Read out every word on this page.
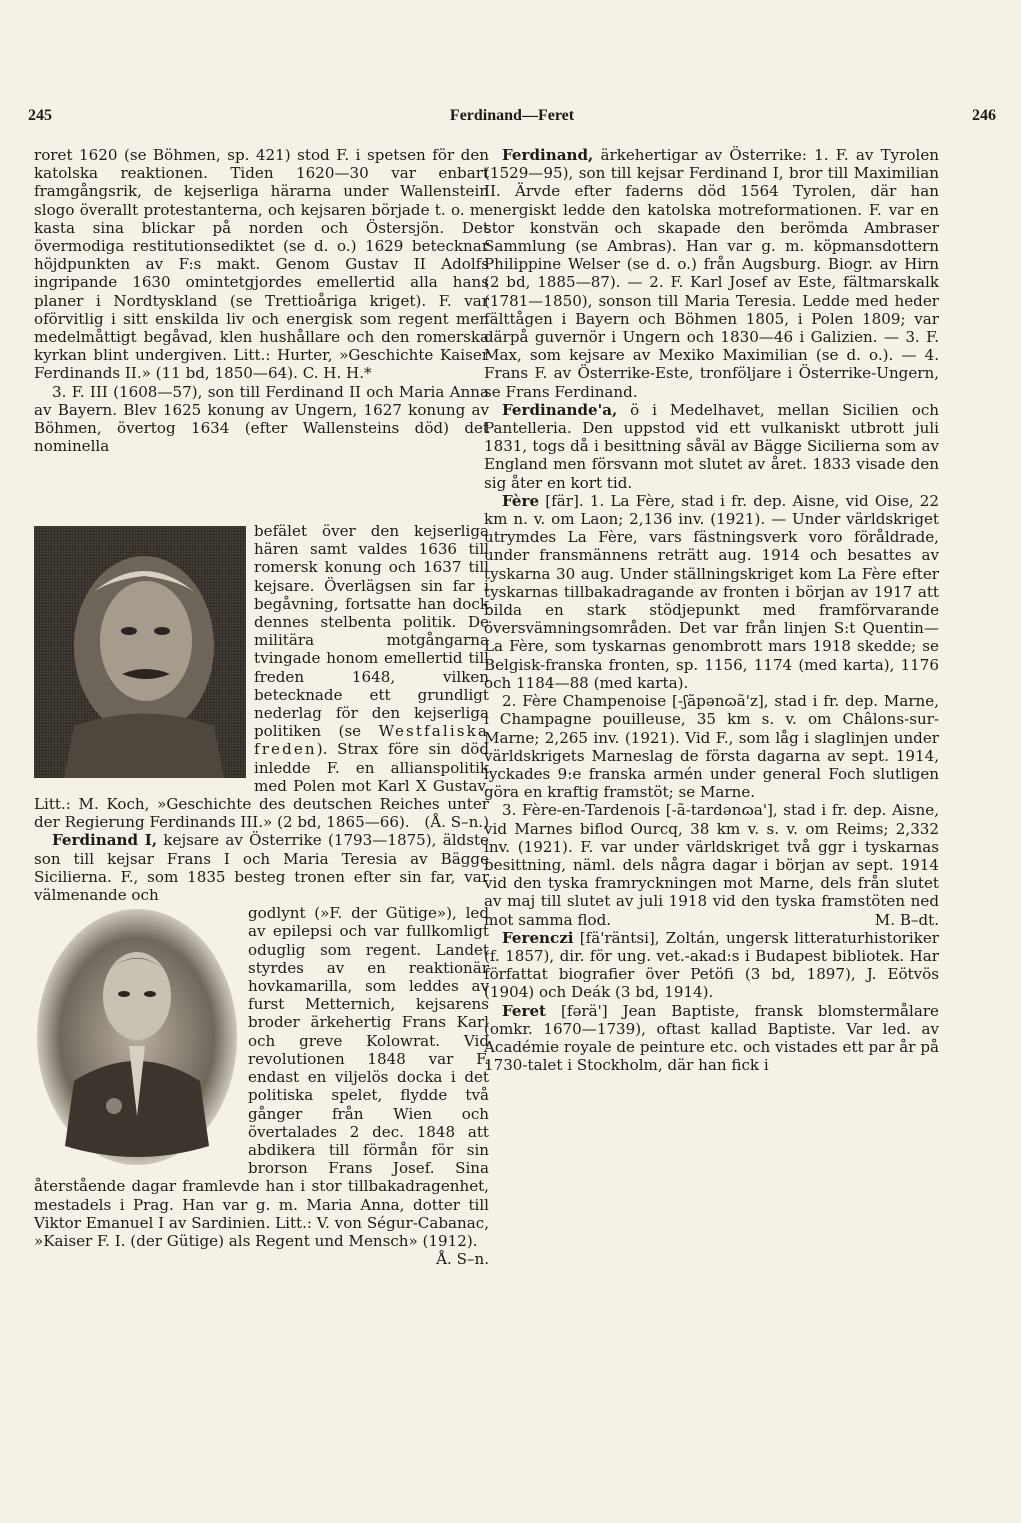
245	Ferdinand—Feret	246

roret 1620 (se Böhmen, sp. 421) stod F. i spetsen för den katolska reaktionen. Tiden 1620—30 var enbart framgångsrik, de kejserliga härarna under Wallenstein slogo överallt protestanterna, och kejsaren började t. o. m. kasta sina blickar på norden och Östersjön. Det övermodiga restitutionsediktet (se d. o.) 1629 betecknar höjdpunkten av F:s makt. Genom Gustav II Adolfs ingripande 1630 omintetgjordes emellertid alla hans planer i Nordtyskland (se Trettioåriga kriget). F. var oförvitlig i sitt enskilda liv och energisk som regent men medelmåttigt begåvad, klen hushållare och den romerska kyrkan blint undergiven. Litt.: Hurter, »Geschichte Kaiser Ferdinands II.» (11 bd, 1850—64). C. H. H.*

3. F. III (1608—57), son till Ferdinand II och Maria Anna av Bayern. Blev 1625 konung av Ungern, 1627 konung av Böhmen, övertog 1634 (efter Wallensteins död) det nominella

befälet över den kejserliga hären samt valdes 1636 till romersk konung och 1637 till kejsare. Överlägsen sin far i begåvning, fortsatte han dock dennes stelbenta politik. De militära motgångarna tvingade honom emellertid till freden 1648, vilken betecknade ett grundligt nederlag för den kejserliga politiken (se Westfaliska freden). Strax före sin död inledde F. en allianspolitik med Polen mot Karl X Gustav. Litt.: M. Koch, »Geschichte des deutschen Reiches unter der Regierung Ferdinands III.» (2 bd, 1865—66). (Å. S–n.)

Ferdinand I, kejsare av Österrike (1793—1875), äldste son till kejsar Frans I och Maria Teresia av Bägge Sicilierna. F., som 1835 besteg tronen efter sin far, var välmenande och

godlynt (»F. der Gütige»), led av epilepsi och var fullkomligt oduglig som regent. Landet styrdes av en reaktionär hovkamarilla, som leddes av furst Metternich, kejsarens broder ärkehertig Frans Karl och greve Kolowrat. Vid revolutionen 1848 var F. endast en viljelös docka i det politiska spelet, flydde två gånger från Wien och övertalades 2 dec. 1848 att abdikera till förmån för sin brorson Frans Josef. Sina återstående dagar framlevde han i stor tillbakadragenhet, mestadels i Prag. Han var g. m. Maria Anna, dotter till Viktor Emanuel I av Sardinien. Litt.: V. von Ségur-Cabanac, »Kaiser F. I. (der Gütige) als Regent und Mensch» (1912).
Å. S–n.

Ferdinand, ärkehertigar av Österrike: 1. F. av Tyrolen (1529—95), son till kejsar Ferdinand I, bror till Maximilian II. Ärvde efter faderns död 1564 Tyrolen, där han energiskt ledde den katolska motreformationen. F. var en stor konstvän och skapade den berömda Ambraser Sammlung (se Ambras). Han var g. m. köpmansdottern Philippine Welser (se d. o.) från Augsburg. Biogr. av Hirn (2 bd, 1885—87). — 2. F. Karl Josef av Este, fältmarskalk (1781—1850), sonson till Maria Teresia. Ledde med heder fälttågen i Bayern och Böhmen 1805, i Polen 1809; var därpå guvernör i Ungern och 1830—46 i Galizien. — 3. F. Max, som kejsare av Mexiko Maximilian (se d. o.). — 4. Frans F. av Österrike-Este, tronföljare i Österrike-Ungern, se Frans Ferdinand.

Ferdinande'a, ö i Medelhavet, mellan Sicilien och Pantelleria. Den uppstod vid ett vulkaniskt utbrott juli 1831, togs då i besittning såväl av Bägge Sicilierna som av England men försvann mot slutet av året. 1833 visade den sig åter en kort tid.

Fère [fär]. 1. La Fère, stad i fr. dep. Aisne, vid Oise, 22 km n. v. om Laon; 2,136 inv. (1921). — Under världskriget utrymdes La Fère, vars fästningsverk voro föråldrade, under fransmännens reträtt aug. 1914 och besattes av tyskarna 30 aug. Under ställningskriget kom La Fère efter tyskarnas tillbakadragande av fronten i början av 1917 att bilda en stark stödjepunkt med framförvarande översvämningsområden. Det var från linjen S:t Quentin—La Fère, som tyskarnas genombrott mars 1918 skedde; se Belgisk-franska fronten, sp. 1156, 1174 (med karta), 1176 och 1184—88 (med karta).

2. Fère Champenoise [-ʃãpənɷã'z], stad i fr. dep. Marne, i Champagne pouilleuse, 35 km s. v. om Châlons-sur-Marne; 2,265 inv. (1921). Vid F., som låg i slaglinjen under världskrigets Marneslag de första dagarna av sept. 1914, lyckades 9:e franska armén under general Foch slutligen göra en kraftig framstöt; se Marne.

3. Fère-en-Tardenois [-ã-tardənɷa'], stad i fr. dep. Aisne, vid Marnes biflod Ourcq, 38 km v. s. v. om Reims; 2,332 inv. (1921). F. var under världskriget två ggr i tyskarnas besittning, näml. dels några dagar i början av sept. 1914 vid den tyska framryckningen mot Marne, dels från slutet av maj till slutet av juli 1918 vid den tyska framstöten ned mot samma flod.	M. B–dt.

Ferenczi [fä'räntsi], Zoltán, ungersk litteraturhistoriker (f. 1857), dir. för ung. vet.-akad:s i Budapest bibliotek. Har författat biografier över Petöfi (3 bd, 1897), J. Eötvös (1904) och Deák (3 bd, 1914).

Feret [fərä'] Jean Baptiste, fransk blomstermålare (omkr. 1670—1739), oftast kallad Baptiste. Var led. av Académie royale de peinture etc. och vistades ett par år på 1730-talet i Stockholm, där han fick i
